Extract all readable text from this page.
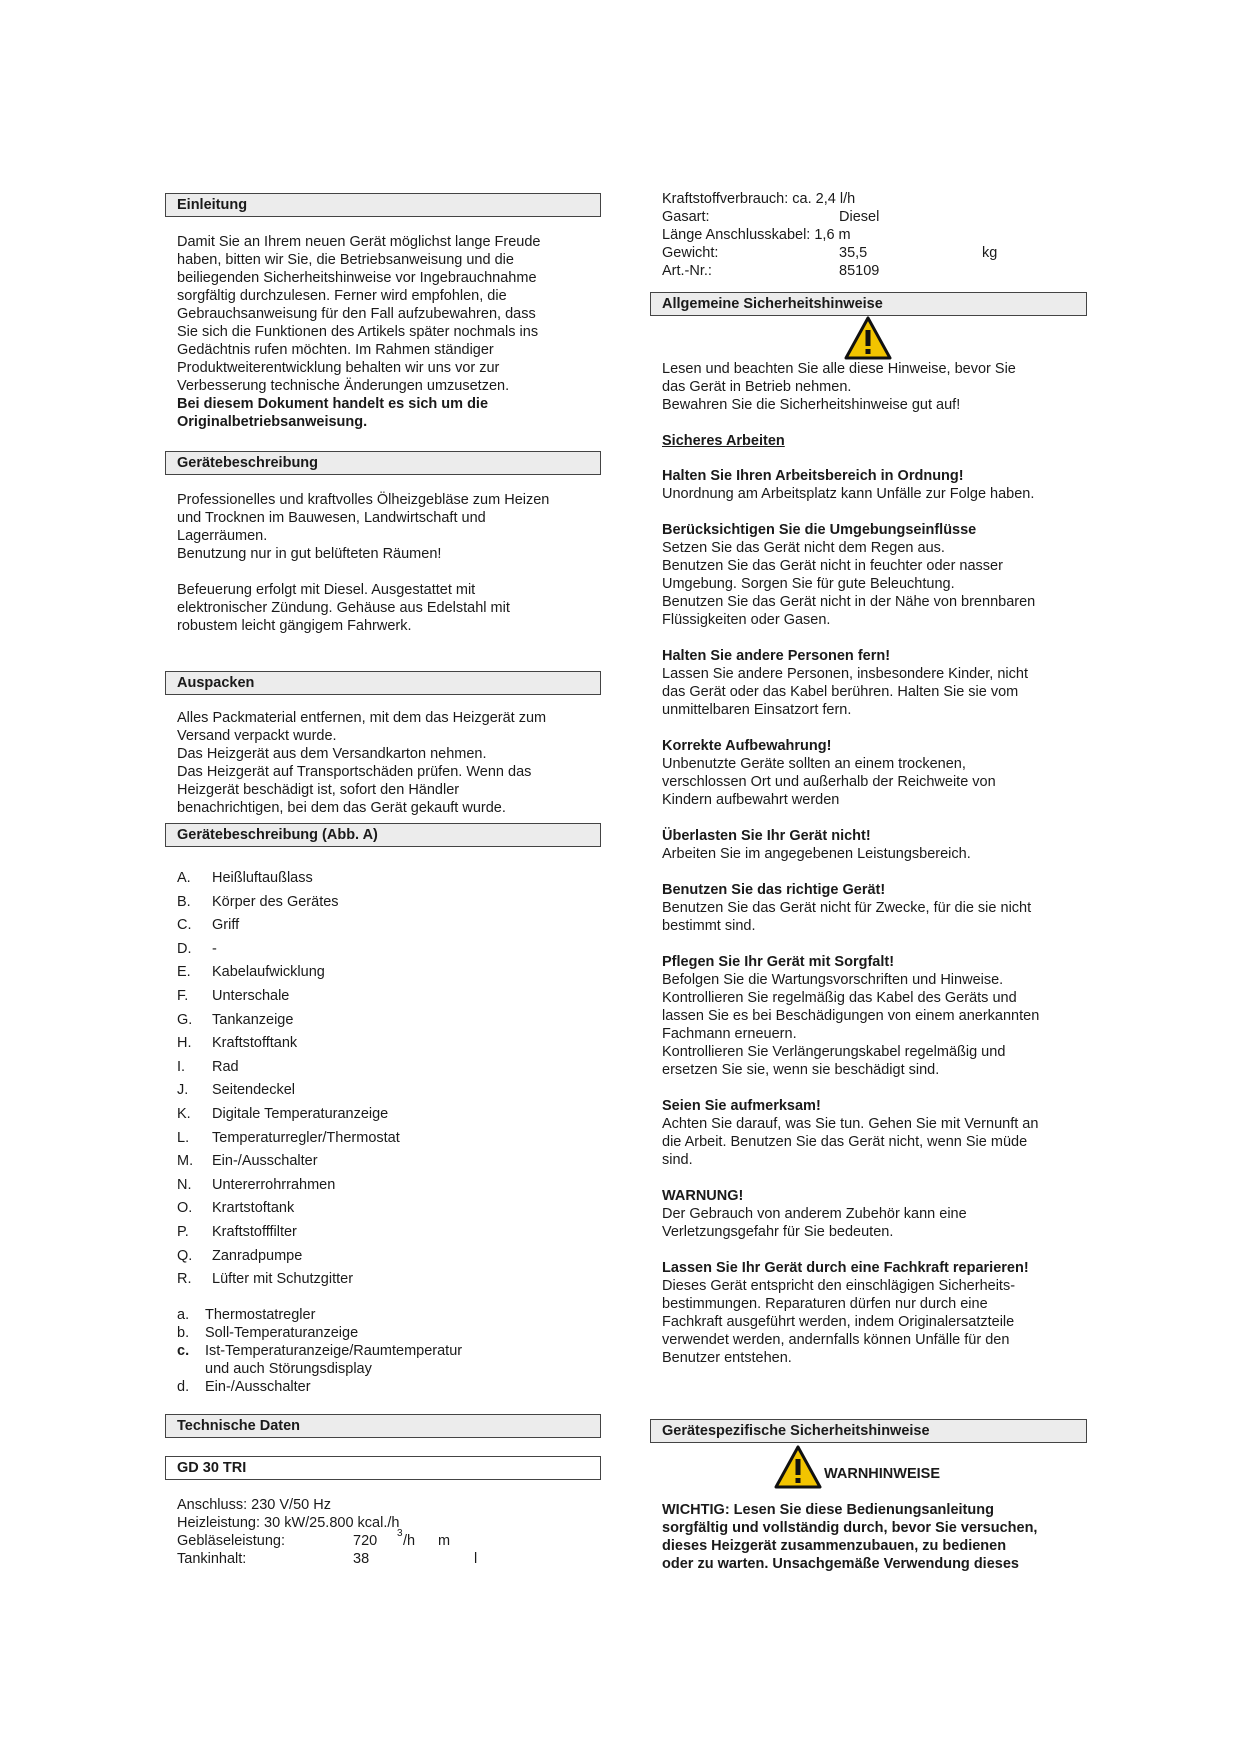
Einleitung

Damit Sie an Ihrem neuen Gerät möglichst lange Freude
haben, bitten wir Sie, die Betriebsanweisung und die
beiliegenden Sicherheitshinweise vor Ingebrauchnahme
sorgfältig durchzulesen. Ferner wird empfohlen, die
Gebrauchsanweisung für den Fall aufzubewahren, dass
Sie sich die Funktionen des Artikels später nochmals ins
Gedächtnis rufen möchten. Im Rahmen ständiger
Produktweiterentwicklung behalten wir uns vor zur
Verbesserung technische Änderungen umzusetzen.

Bei diesem Dokument handelt es sich um die
Originalbetriebsanweisung.

Gerätebeschreibung

Professionelles und kraftvolles Ölheizgebläse zum Heizen
und Trocknen im Bauwesen, Landwirtschaft und
Lagerräumen.
Benutzung nur in gut belüfteten Räumen!

Befeuerung erfolgt mit Diesel. Ausgestattet mit
elektronischer Zündung. Gehäuse aus Edelstahl mit
robustem leicht gängigem Fahrwerk.

Auspacken

Alles Packmaterial entfernen, mit dem das Heizgerät zum
Versand verpackt wurde.
Das Heizgerät aus dem Versandkarton nehmen.
Das Heizgerät auf Transportschäden prüfen. Wenn das
Heizgerät beschädigt ist, sofort den Händler
benachrichtigen, bei dem das Gerät gekauft wurde.

Gerätebeschreibung (Abb. A)
A.	Heißluftaußlass
B.	Körper des Gerätes
C.	Griff
D.	-
E.	Kabelaufwicklung
F.	Unterschale
G.	Tankanzeige
H.	Kraftstofftank
I.	Rad
J.	Seitendeckel
K.	Digitale Temperaturanzeige
L.	Temperaturregler/Thermostat
M.	Ein-/Ausschalter
N.	Untererrohrrahmen
O.	Krartstoftank
P.	Kraftstofffilter
Q.	Zanradpumpe
R.	Lüfter mit Schutzgitter
a.	Thermostatregler
b.	Soll-Temperaturanzeige
c.	Ist-Temperaturanzeige/Raumtemperatur
und auch Störungsdisplay
d.	Ein-/Ausschalter
Technische Daten
GD 30 TRI
Anschluss: 230 V/50 Hz
Heizleistung: 30 kW/25.800 kcal./h
Gebläseleistung:	720 3 /h m
Tankinhalt:	38	l
Kraftstoffverbrauch: ca. 2,4 l/h
Gasart:	Diesel
Länge Anschlusskabel: 1,6 m
Gewicht:	35,5	kg
Art.-Nr.:	85109
Allgemeine Sicherheitshinweise

Lesen und beachten Sie alle diese Hinweise, bevor Sie
das Gerät in Betrieb nehmen.
Bewahren Sie die Sicherheitshinweise gut auf!

Sicheres Arbeiten

Halten Sie Ihren Arbeitsbereich in Ordnung!

Unordnung am Arbeitsplatz kann Unfälle zur Folge haben.

Berücksichtigen Sie die Umgebungseinflüsse

Setzen Sie das Gerät nicht dem Regen aus.
Benutzen Sie das Gerät nicht in feuchter oder nasser
Umgebung. Sorgen Sie für gute Beleuchtung.
Benutzen Sie das Gerät nicht in der Nähe von brennbaren
Flüssigkeiten oder Gasen.

Halten Sie andere Personen fern!

Lassen Sie andere Personen, insbesondere Kinder, nicht
das Gerät oder das Kabel berühren. Halten Sie sie vom
unmittelbaren Einsatzort fern.

Korrekte Aufbewahrung!

Unbenutzte Geräte sollten an einem trockenen,
verschlossen Ort und außerhalb der Reichweite von
Kindern aufbewahrt werden

Überlasten Sie Ihr Gerät nicht!

Arbeiten Sie im angegebenen Leistungsbereich.

Benutzen Sie das richtige Gerät!

Benutzen Sie das Gerät nicht für Zwecke, für die sie nicht
bestimmt sind.

Pflegen Sie Ihr Gerät mit Sorgfalt!

Befolgen Sie die Wartungsvorschriften und Hinweise.
Kontrollieren Sie regelmäßig das Kabel des Geräts und
lassen Sie es bei Beschädigungen von einem anerkannten
Fachmann erneuern.
Kontrollieren Sie Verlängerungskabel regelmäßig und
ersetzen Sie sie, wenn sie beschädigt sind.

Seien Sie aufmerksam!

Achten Sie darauf, was Sie tun. Gehen Sie mit Vernunft an
die Arbeit. Benutzen Sie das Gerät nicht, wenn Sie müde
sind.

WARNUNG!

Der Gebrauch von anderem Zubehör kann eine
Verletzungsgefahr für Sie bedeuten.

Lassen Sie Ihr Gerät durch eine Fachkraft reparieren!

Dieses Gerät entspricht den einschlägigen Sicherheits-
bestimmungen. Reparaturen dürfen nur durch eine
Fachkraft ausgeführt werden, indem Originalersatzteile
verwendet werden, andernfalls können Unfälle für den
Benutzer entstehen.

Gerätespezifische Sicherheitshinweise
WARNHINWEISE

WICHTIG: Lesen Sie diese Bedienungsanleitung
sorgfältig und vollständig durch, bevor Sie versuchen,
dieses Heizgerät zusammenzubauen, zu bedienen
oder zu warten. Unsachgemäße Verwendung dieses
